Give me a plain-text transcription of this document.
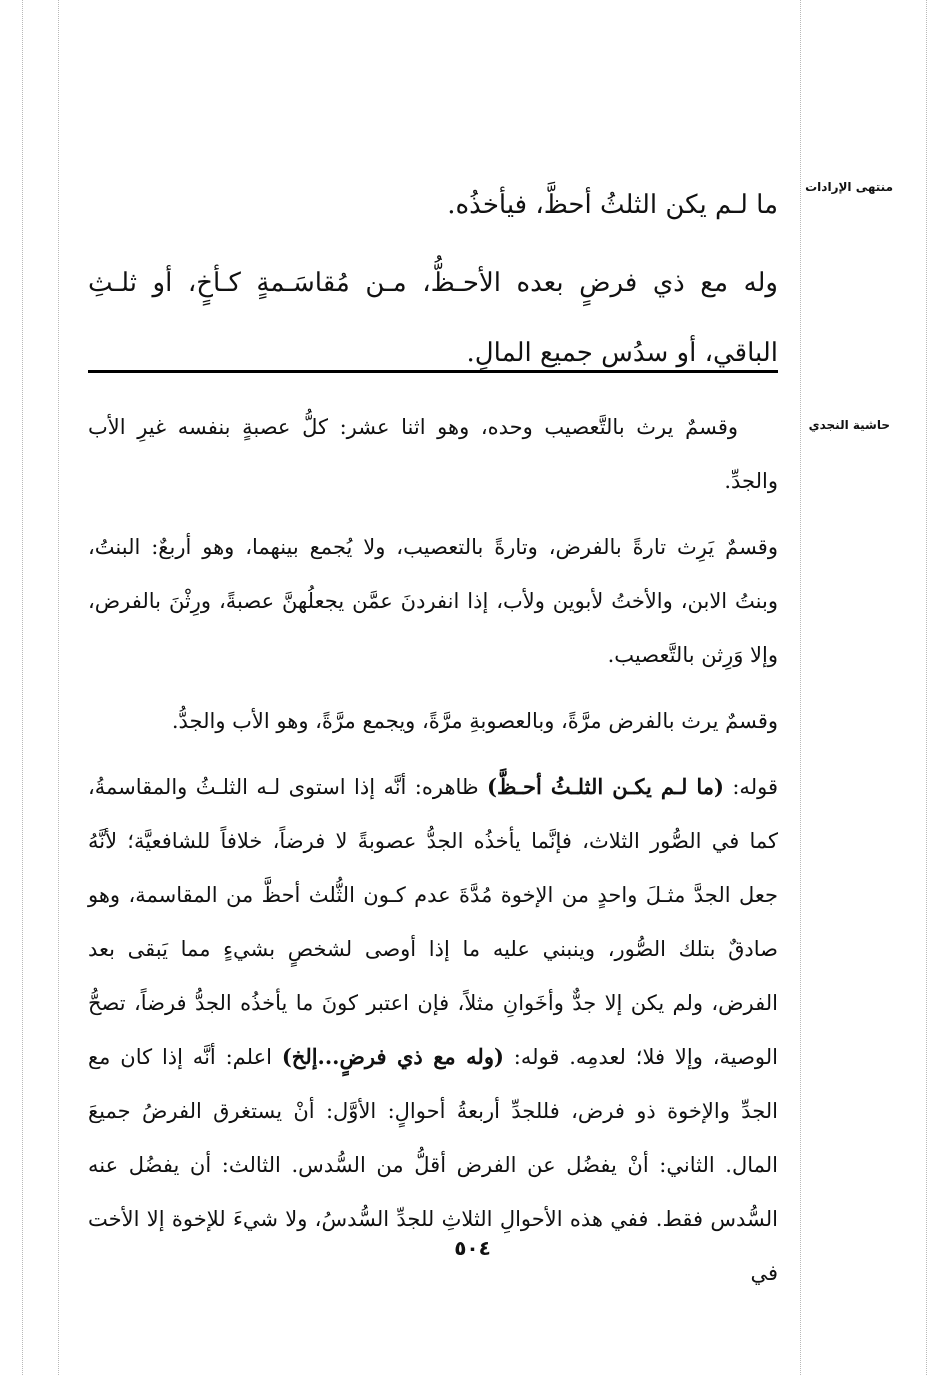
منتهى الإرادات
حاشية النجدي

ما لـم يكن الثلثُ أحظَّ، فيأخذُه.

وله مع ذي فرضٍ بعده الأحـظُّ، مـن مُقاسَـمةٍ كـأخٍ، أو ثلـثِ الباقي، أو سدُس جميع المالِ.

وقسمٌ يرث بالتَّعصيب وحده، وهو اثنا عشر: كلُّ عصبةٍ بنفسه غيرِ الأب والجدِّ.

وقسمٌ يَرِث تارةً بالفرض، وتارةً بالتعصيب، ولا يُجمع بينهما، وهو أربعٌ: البنتُ، وبنتُ الابن، والأختُ لأبوين ولأب، إذا انفردنَ عمَّن يجعلُهنَّ عصبةً، ورِثْنَ بالفرض، وإلا وَرِثن بالتَّعصيب.

وقسمٌ يرث بالفرض مرَّةً، وبالعصوبةِ مرَّةً، ويجمع مرَّةً، وهو الأب والجدُّ.

قوله: (ما لـم يكـن الثلـثُ أحـظَّ) ظاهره: أنَّه إذا استوى لـه الثلـثُ والمقاسمةُ، كما في الصُّور الثلاث، فإنَّما يأخذُه الجدُّ عصوبةً لا فرضاً، خلافاً للشافعيَّة؛ لأنَّهُ جعل الجدَّ مثـلَ واحدٍ من الإخوة مُدَّةَ عدم كـون الثُّلث أحظَّ من المقاسمة، وهو صادقٌ بتلك الصُّور، وينبني عليه ما إذا أوصى لشخصٍ بشيءٍ مما يَبقى بعد الفرض، ولم يكن إلا جدٌّ وأخَوانِ مثلاً، فإن اعتبر كونَ ما يأخذُه الجدُّ فرضاً، تصحُّ الوصية، وإلا فلا؛ لعدمِه. قوله: (وله مع ذي فرضٍ...إلخ) اعلم: أنَّه إذا كان مع الجدِّ والإخوة ذو فرض، فللجدِّ أربعةُ أحوالٍ: الأوَّل: أنْ يستغرق الفرضُ جميعَ المال. الثاني: أنْ يفضُل عن الفرض أقلُّ من السُّدس. الثالث: أن يفضُل عنه السُّدس فقط. ففي هذه الأحوالِ الثلاثِ للجدِّ السُّدسُ، ولا شيءَ للإخوة إلا الأخت في

٥٠٤
